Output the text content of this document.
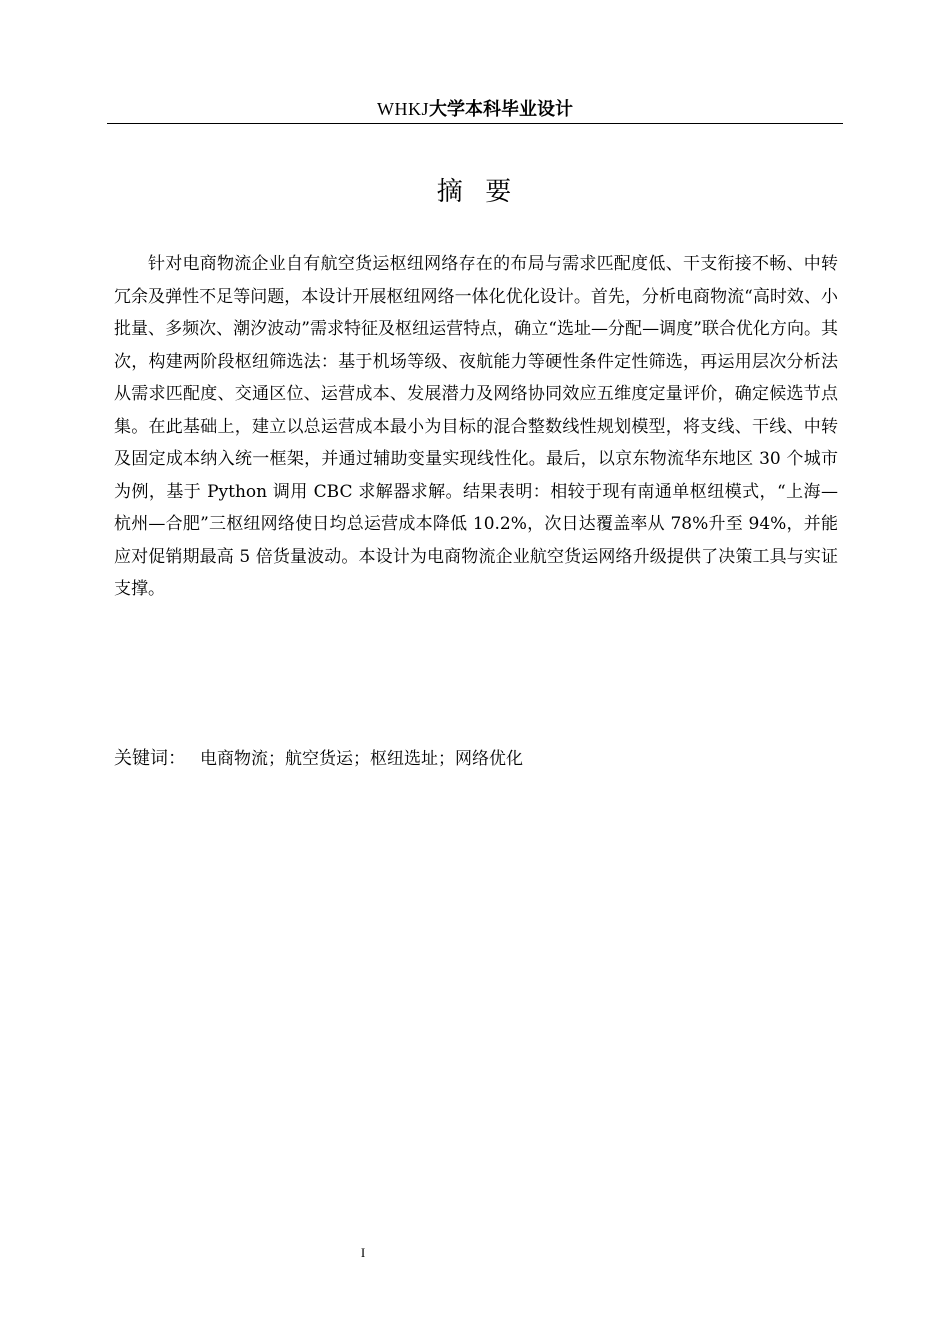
WHKJ大学本科毕业设计
摘  要

针对电商物流企业自有航空货运枢纽网络存在的布局与需求匹配度低、干支衔接不畅、中转冗余及弹性不足等问题，本设计开展枢纽网络一体化优化设计。首先，分析电商物流“高时效、小批量、多频次、潮汐波动”需求特征及枢纽运营特点，确立“选址—分配—调度”联合优化方向。其次，构建两阶段枢纽筛选法：基于机场等级、夜航能力等硬性条件定性筛选，再运用层次分析法从需求匹配度、交通区位、运营成本、发展潜力及网络协同效应五维度定量评价，确定候选节点集。在此基础上，建立以总运营成本最小为目标的混合整数线性规划模型，将支线、干线、中转及固定成本纳入统一框架，并通过辅助变量实现线性化。最后，以京东物流华东地区 30 个城市为例，基于 Python 调用 CBC 求解器求解。结果表明：相较于现有南通单枢纽模式，“上海—杭州—合肥”三枢纽网络使日均总运营成本降低 10.2%，次日达覆盖率从 78%升至 94%，并能应对促销期最高 5 倍货量波动。本设计为电商物流企业航空货运网络升级提供了决策工具与实证支撑。

关键词： 电商物流；航空货运；枢纽选址；网络优化
I
